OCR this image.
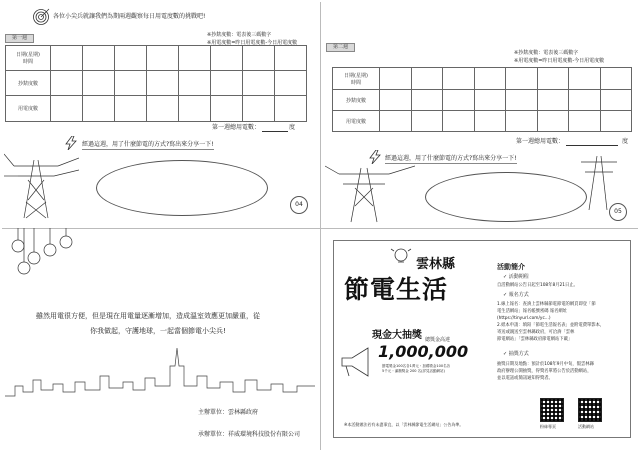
各位小尖兵就讓我們為期兩週觀察每日用電度數的挑戰吧!
第一週	※抄錶度數：電表後三碼數字
※用電度數=昨日用電度數-今日用電度數
日期(星期)
時間								

抄錶度數								
用電度數								
第一週總用電數：	度
經過這週，用了什麼節電的方式?寫出來分享一下!
04
第二週
※抄錶度數：電表後三碼數字
※用電度數=昨日用電度數-今日用電度數
日期(星期)
時間								

抄錶度數								
用電度數								
第一週總用電數：	度
經過這週，用了什麼節電的方式?寫出來分享一下!
05
雖然用電很方便，但是現在用電量逐漸增加，造成溫室效應更加嚴重，從
你我做起，守護地球，一起當個節電小尖兵!
主辦單位：雲林縣政府
承辦單位：祥威環境科技股份有限公司
雲林縣
節電生活
現金大抽獎 總獎金高達
1,000,000
節電獎金100名各1萬元・加碼獎金100名各
5千元・滿額獎金 200 名(詳見活動網站)
活動簡介
✓ 活動期程
自活動網站公告日起至108年8月21日止。
✓ 報名方式
1.線上報名：查詢上雲林縣節電節電的網頁即登「節
電生活網站」報名帳號密碼 報名網址
(https://tinyurl.com/yc...)
2.紙本申請：填寫「節電生活報名表」並附電費單影本，
寄送或親送至雲林縣政府，可洽詢「雲林
節電網站」「雲林縣政府節電網站下載」
✓ 抽獎方式
抽獎日期及地點：預計於108年9月中旬，假雲林縣
政府辦理公開抽獎，得獎名單將公告於活動網站，
並以電話或簡訊通知得獎者。
※本活動辦法若有未盡事宜，以「雲林縣節電生活網站」公告為準。	粉絲專頁	活動網站
